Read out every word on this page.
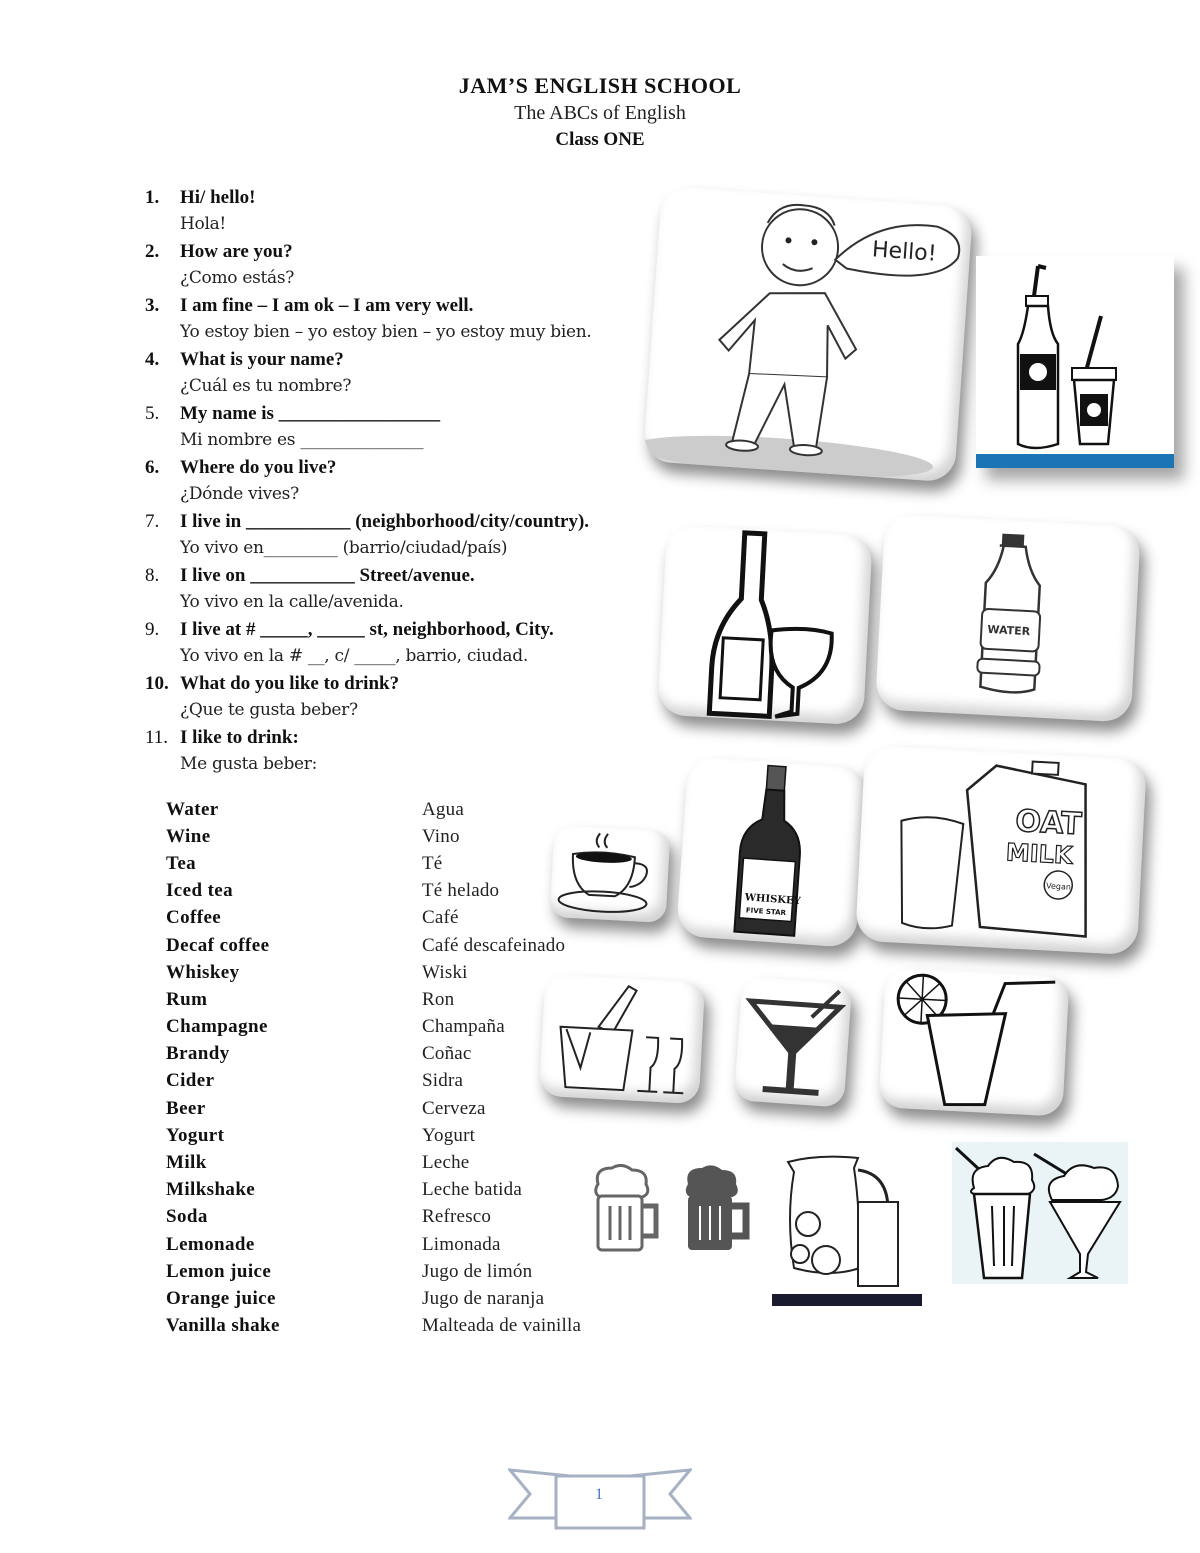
JAM’S ENGLISH SCHOOL
The ABCs of English
Class ONE
1.	Hi/ hello!
Hola!
2.	How are you?
¿Como estás?
3.	I am fine – I am ok – I am very well.
Yo estoy bien – yo estoy bien – yo estoy muy bien.
4.	What is your name?
¿Cuál es tu nombre?
5.	My name is _________________
Mi nombre es _______________
6.	Where do you live?
¿Dónde vives?
7.	I live in ___________ (neighborhood/city/country).
Yo vivo en_________ (barrio/ciudad/país)
8.	I live on ___________ Street/avenue.
Yo vivo en la calle/avenida.
9.	I live at # _____, _____ st, neighborhood, City.
Yo vivo en la # __, c/ _____, barrio, ciudad.
10. What do you like to drink?
¿Que te gusta beber?
11. I like to drink:
Me gusta beber:
Water	Agua
Wine	Vino
Tea	Té
Iced tea	Té helado
Coffee	Café
Decaf coffee	Café descafeinado
Whiskey	Wiski
Rum	Ron
Champagne	Champaña
Brandy	Coñac
Cider	Sidra
Beer	Cerveza
Yogurt	Yogurt
Milk	Leche
Milkshake	Leche batida
Soda	Refresco
Lemonade	Limonada
Lemon juice	Jugo de limón
Orange juice	Jugo de naranja
Vanilla shake	Malteada de vainilla
Hello!
WATER
WHISKEY
FIVE STAR
OAT
MILK
Vegan
1
